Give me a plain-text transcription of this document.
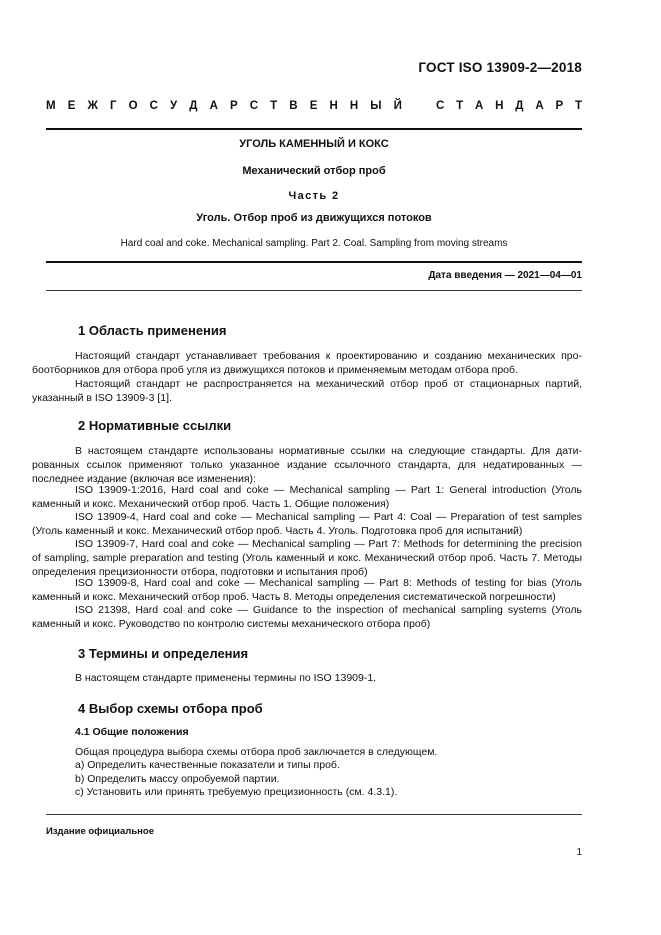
ГОСТ ISO 13909-2—2018
М Е Ж Г О С У Д А Р С Т В Е Н Н Ы Й	С Т А Н Д А Р Т
УГОЛЬ КАМЕННЫЙ И КОКС
Механический отбор проб
Часть 2
Уголь. Отбор проб из движущихся потоков
Hard coal and coke. Mechanical sampling. Part 2. Coal. Sampling from moving streams
Дата введения — 2021—04—01
1 Область применения

Настоящий стандарт устанавливает требования к проектированию и созданию механических пробоотборников для отбора проб угля из движущихся потоков и применяемым методам отбора проб.

Настоящий стандарт не распространяется на механический отбор проб от стационарных партий, указанный в ISO 13909-3 [1].

2 Нормативные ссылки

В настоящем стандарте использованы нормативные ссылки на следующие стандарты. Для датированных ссылок применяют только указанное издание ссылочного стандарта, для недатированных — последнее издание (включая все изменения):

ISO 13909-1:2016, Hard coal and coke — Mechanical sampling — Part 1: General introduction (Уголь каменный и кокс. Механический отбор проб. Часть 1. Общие положения)

ISO 13909-4, Hard coal and coke — Mechanical sampling — Part 4: Coal — Preparation of test samples (Уголь каменный и кокс. Механический отбор проб. Часть 4. Уголь. Подготовка проб для испытаний)

ISO 13909-7, Hard coal and coke — Mechanical sampling — Part 7: Methods for determining the precision of sampling, sample preparation and testing (Уголь каменный и кокс. Механический отбор проб. Часть 7. Методы определения прецизионности отбора, подготовки и испытания проб)

ISO 13909-8, Hard coal and coke — Mechanical sampling — Part 8: Methods of testing for bias (Уголь каменный и кокс. Механический отбор проб. Часть 8. Методы определения систематической погрешности)

ISO 21398, Hard coal and coke — Guidance to the inspection of mechanical sampling systems (Уголь каменный и кокс. Руководство по контролю системы механического отбора проб)

3 Термины и определения

В настоящем стандарте применены термины по ISO 13909-1.

4 Выбор схемы отбора проб
4.1 Общие положения

Общая процедура выбора схемы отбора проб заключается в следующем.

a) Определить качественные показатели и типы проб.
b) Определить массу опробуемой партии.
c) Установить или принять требуемую прецизионность (см. 4.3.1).
Издание официальное
1
